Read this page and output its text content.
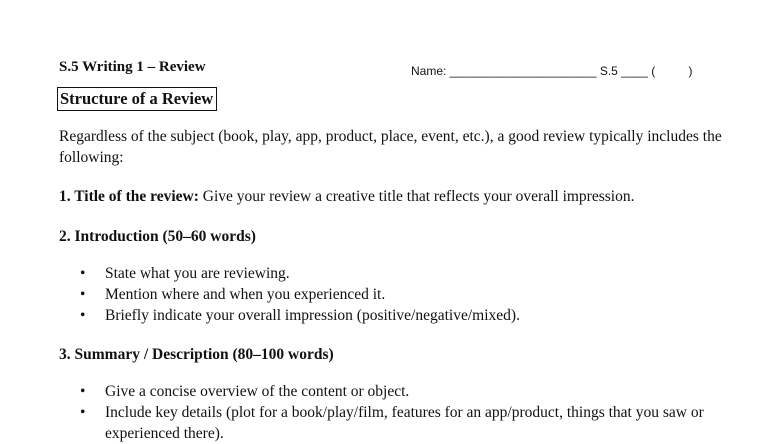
S.5 Writing 1 – Review	Name: ______________________ S.5 ____ (          )
Structure of a Review
Regardless of the subject (book, play, app, product, place, event, etc.), a good review typically includes the following:
1. Title of the review: Give your review a creative title that reflects your overall impression.
2. Introduction (50–60 words)
• State what you are reviewing.
• Mention where and when you experienced it.
• Briefly indicate your overall impression (positive/negative/mixed).
3. Summary / Description (80–100 words)
• Give a concise overview of the content or object.
• Include key details (plot for a book/play/film, features for an app/product, things that you saw or experienced there).
